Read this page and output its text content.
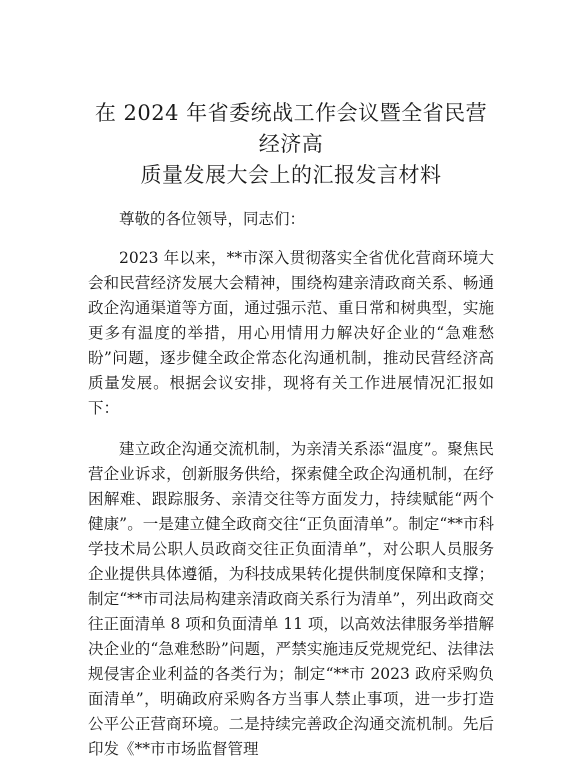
在 2024 年省委统战工作会议暨全省民营经济高
质量发展大会上的汇报发言材料

尊敬的各位领导，同志们：

2023 年以来，**市深入贯彻落实全省优化营商环境大会和民营经济发展大会精神，围绕构建亲清政商关系、畅通政企沟通渠道等方面，通过强示范、重日常和树典型，实施更多有温度的举措，用心用情用力解决好企业的“急难愁盼”问题，逐步健全政企常态化沟通机制，推动民营经济高质量发展。根据会议安排，现将有关工作进展情况汇报如下：

建立政企沟通交流机制，为亲清关系添“温度”。聚焦民营企业诉求，创新服务供给，探索健全政企沟通机制，在纾困解难、跟踪服务、亲清交往等方面发力，持续赋能“两个健康”。一是建立健全政商交往“正负面清单”。制定“**市科学技术局公职人员政商交往正负面清单”，对公职人员服务企业提供具体遵循，为科技成果转化提供制度保障和支撑；制定“**市司法局构建亲清政商关系行为清单”，列出政商交往正面清单 8 项和负面清单 11 项，以高效法律服务举措解决企业的“急难愁盼”问题，严禁实施违反党规党纪、法律法规侵害企业利益的各类行为；制定“**市 2023 政府采购负面清单”，明确政府采购各方当事人禁止事项，进一步打造公平公正营商环境。二是持续完善政企沟通交流机制。先后印发《**市市场监督管理
